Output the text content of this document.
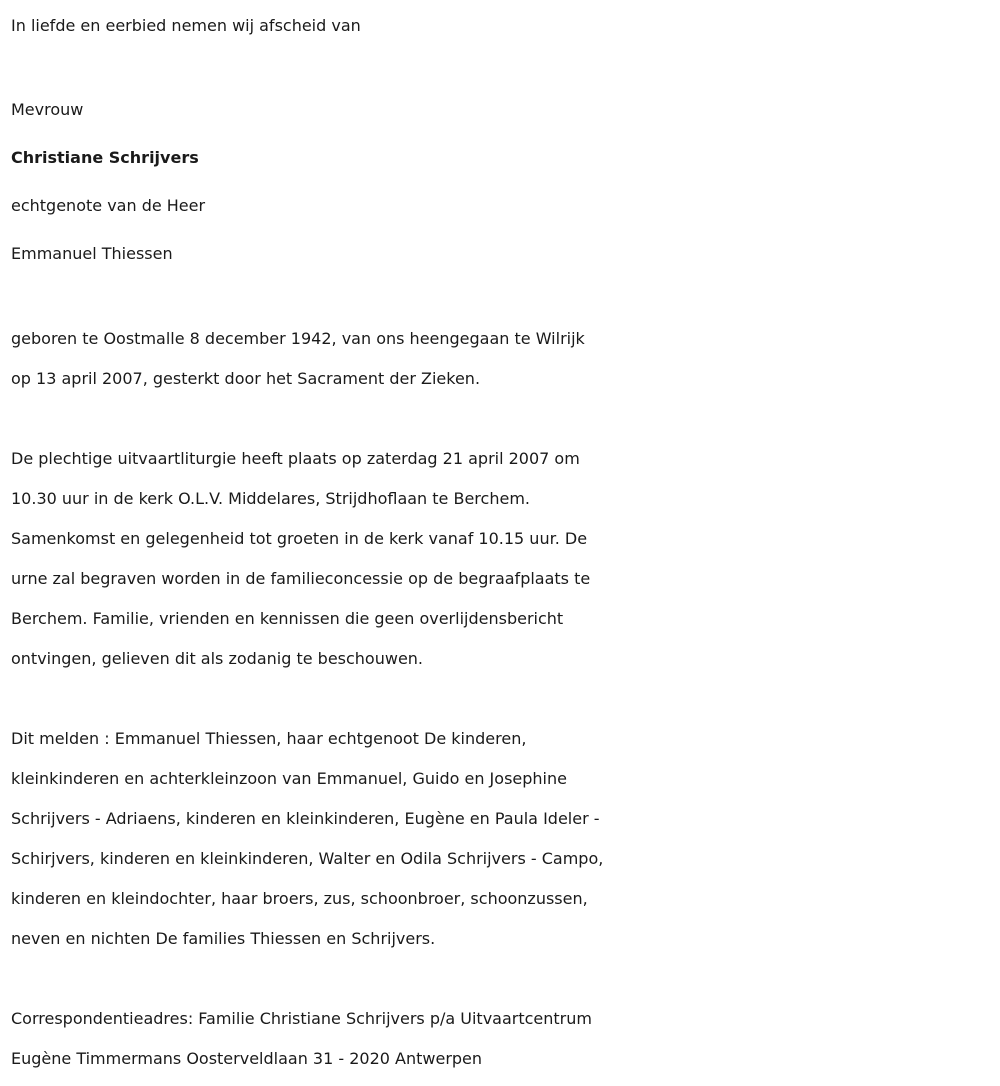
In liefde en eerbied nemen wij afscheid van

Mevrouw

Christiane Schrijvers

echtgenote van de Heer

Emmanuel Thiessen

geboren te Oostmalle 8 december 1942, van ons heengegaan te Wilrijk
op 13 april 2007, gesterkt door het Sacrament der Zieken.
De plechtige uitvaartliturgie heeft plaats op zaterdag 21 april 2007 om
10.30 uur in de kerk O.L.V. Middelares, Strijdhoflaan te Berchem.
Samenkomst en gelegenheid tot groeten in de kerk vanaf 10.15 uur. De
urne zal begraven worden in de familieconcessie op de begraafplaats te
Berchem. Familie, vrienden en kennissen die geen overlijdensbericht
ontvingen, gelieven dit als zodanig te beschouwen.
Dit melden : Emmanuel Thiessen, haar echtgenoot De kinderen,
kleinkinderen en achterkleinzoon van Emmanuel, Guido en Josephine
Schrijvers - Adriaens, kinderen en kleinkinderen, Eugène en Paula Ideler -
Schirjvers, kinderen en kleinkinderen, Walter en Odila Schrijvers - Campo,
kinderen en kleindochter, haar broers, zus, schoonbroer, schoonzussen,
neven en nichten De families Thiessen en Schrijvers.
Correspondentieadres: Familie Christiane Schrijvers p/a Uitvaartcentrum
Eugène Timmermans Oosterveldlaan 31 - 2020 Antwerpen
